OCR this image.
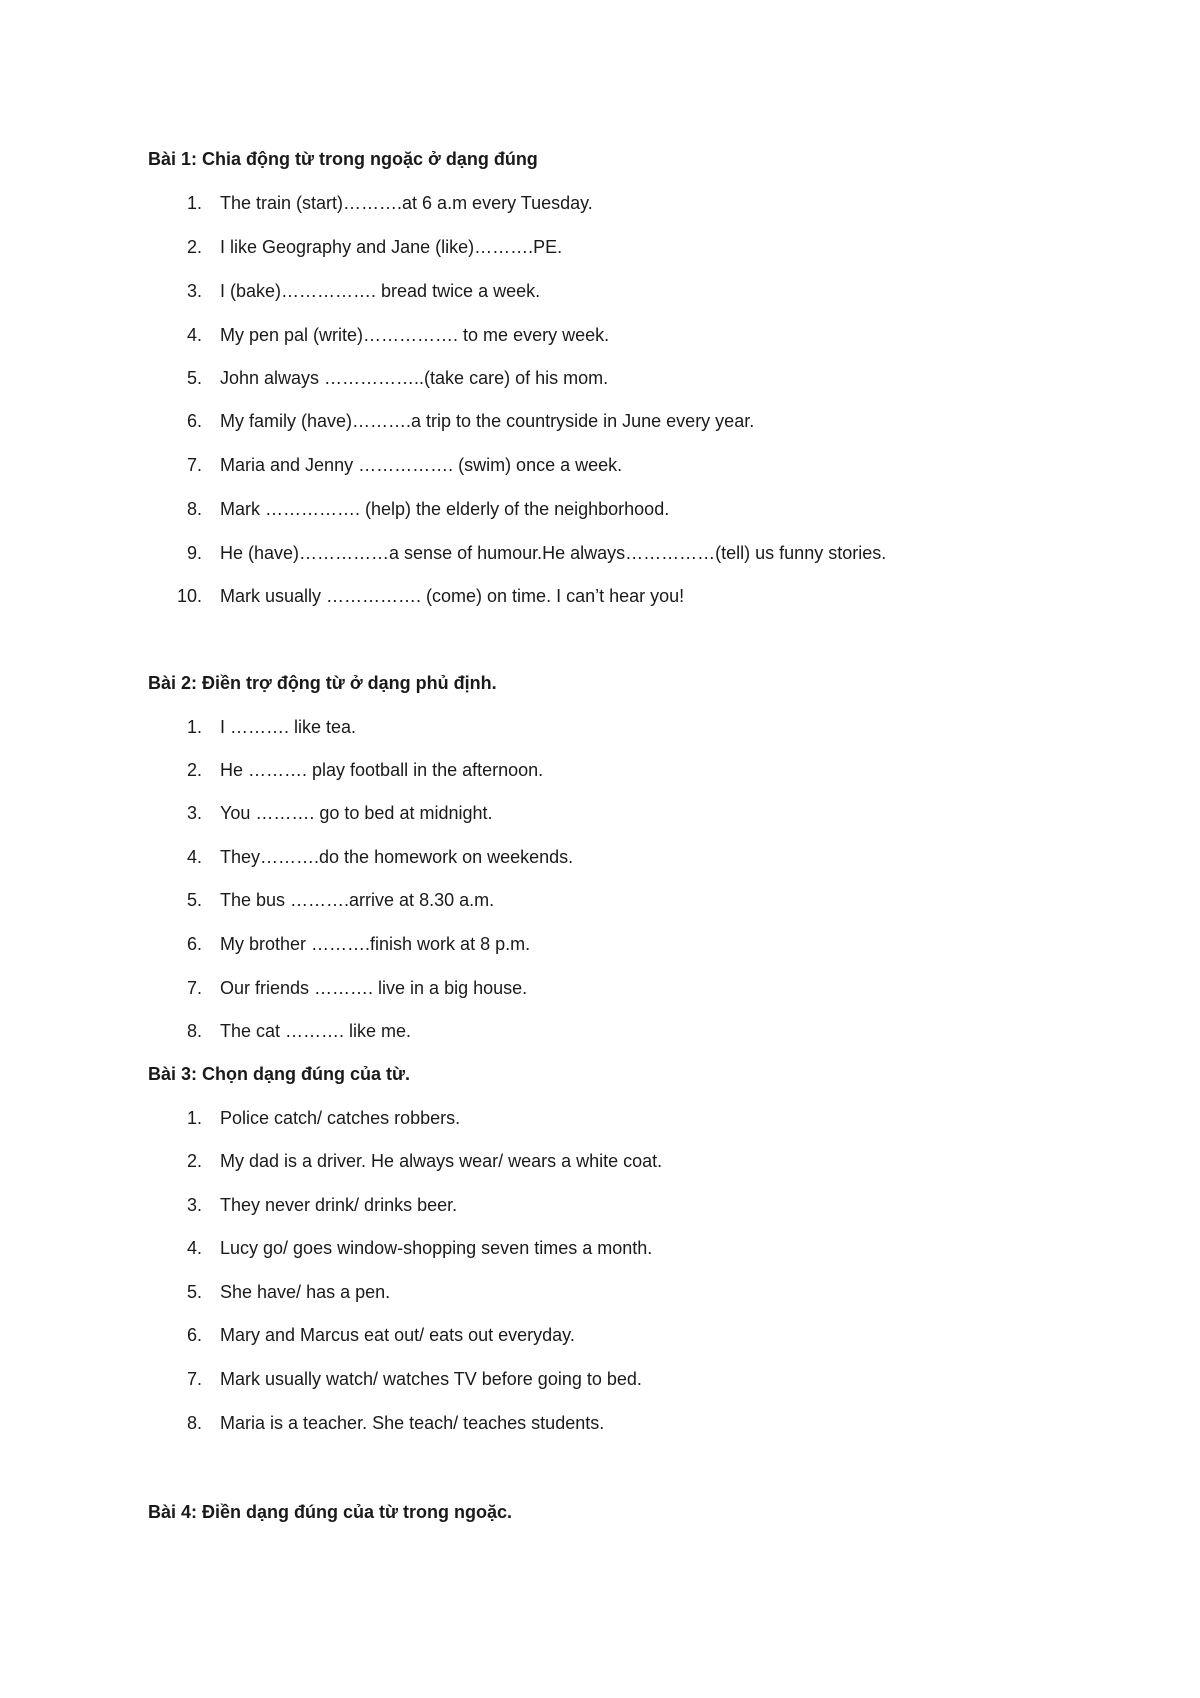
Bài 1: Chia động từ trong ngoặc ở dạng đúng
1. The train (start)……….at 6 a.m every Tuesday.
2. I like Geography and Jane (like)……….PE.
3. I (bake)……………. bread twice a week.
4. My pen pal (write)……………. to me every week.
5. John always ……………..(take care) of his mom.
6. My family (have)……….a trip to the countryside in June every year.
7. Maria and Jenny ……………. (swim) once a week.
8. Mark ……………. (help) the elderly of the neighborhood.
9. He (have)……………a sense of humour.He always……………(tell) us funny stories.
10. Mark usually ……………. (come) on time. I can’t hear you!
Bài 2: Điền trợ động từ ở dạng phủ định.
1. I ………. like tea.
2. He ………. play football in the afternoon.
3. You ………. go to bed at midnight.
4. They……….do the homework on weekends.
5. The bus ……….arrive at 8.30 a.m.
6. My brother ……….finish work at 8 p.m.
7. Our friends ………. live in a big house.
8. The cat ………. like me.
Bài 3: Chọn dạng đúng của từ.
1. Police catch/ catches robbers.
2. My dad is a driver. He always wear/ wears a white coat.
3. They never drink/ drinks beer.
4. Lucy go/ goes window-shopping seven times a month.
5. She have/ has a pen.
6. Mary and Marcus eat out/ eats out everyday.
7. Mark usually watch/ watches TV before going to bed.
8. Maria is a teacher. She teach/ teaches students.
Bài 4: Điền dạng đúng của từ trong ngoặc.
